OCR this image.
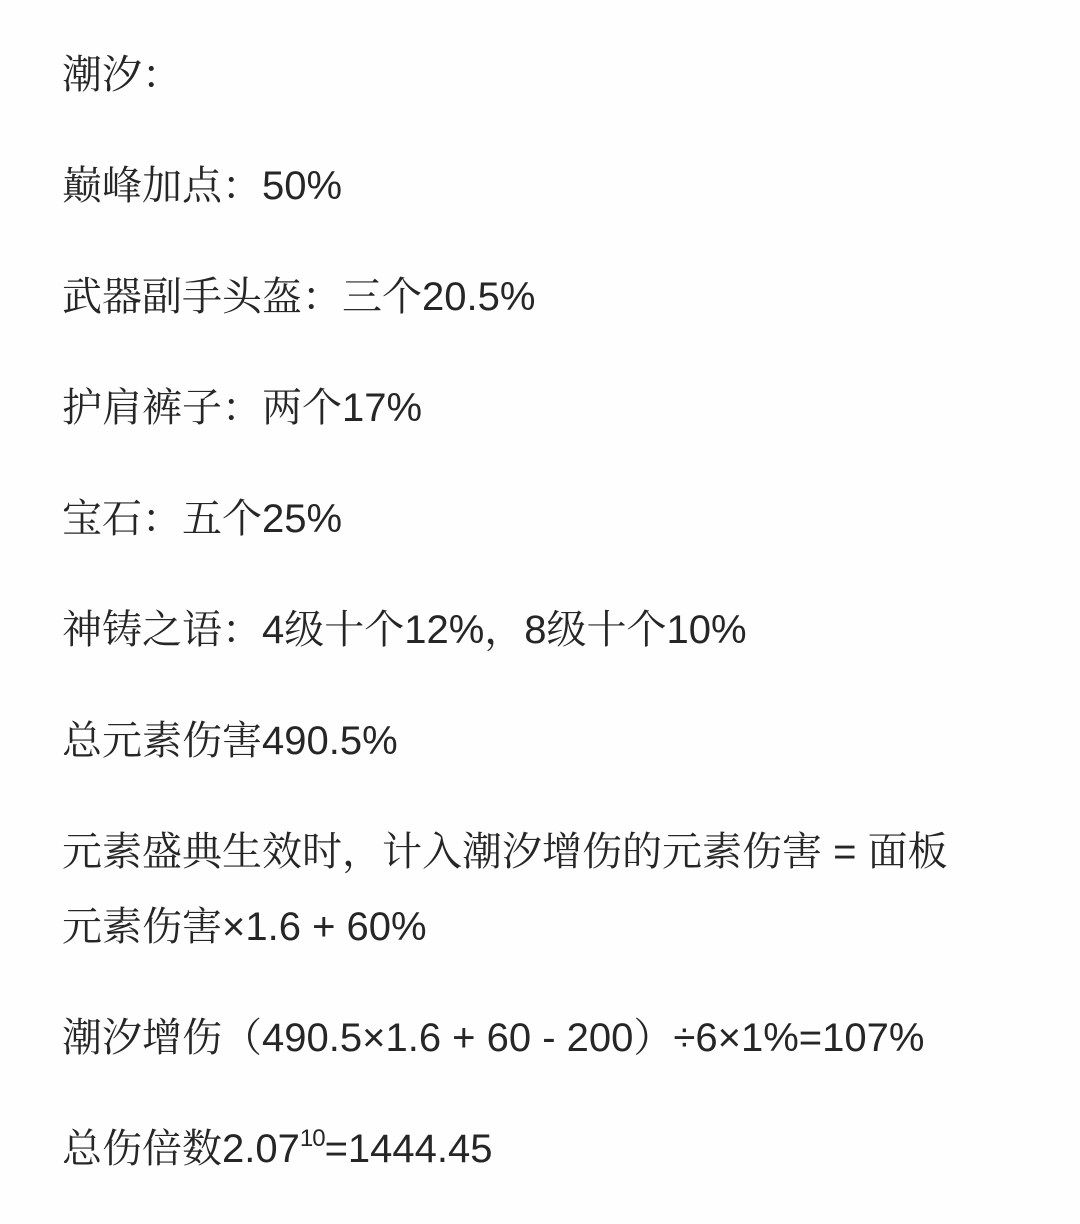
潮汐：

巅峰加点：50%

武器副手头盔：三个20.5%

护肩裤子：两个17%

宝石：五个25%

神铸之语：4级十个12%，8级十个10%

总元素伤害490.5%

元素盛典生效时，计入潮汐增伤的元素伤害 = 面板

元素伤害×1.6 + 60%

潮汐增伤（490.5×1.6 + 60 - 200）÷6×1%=107%

总伤倍数$2.07^{10}=1444.45$
